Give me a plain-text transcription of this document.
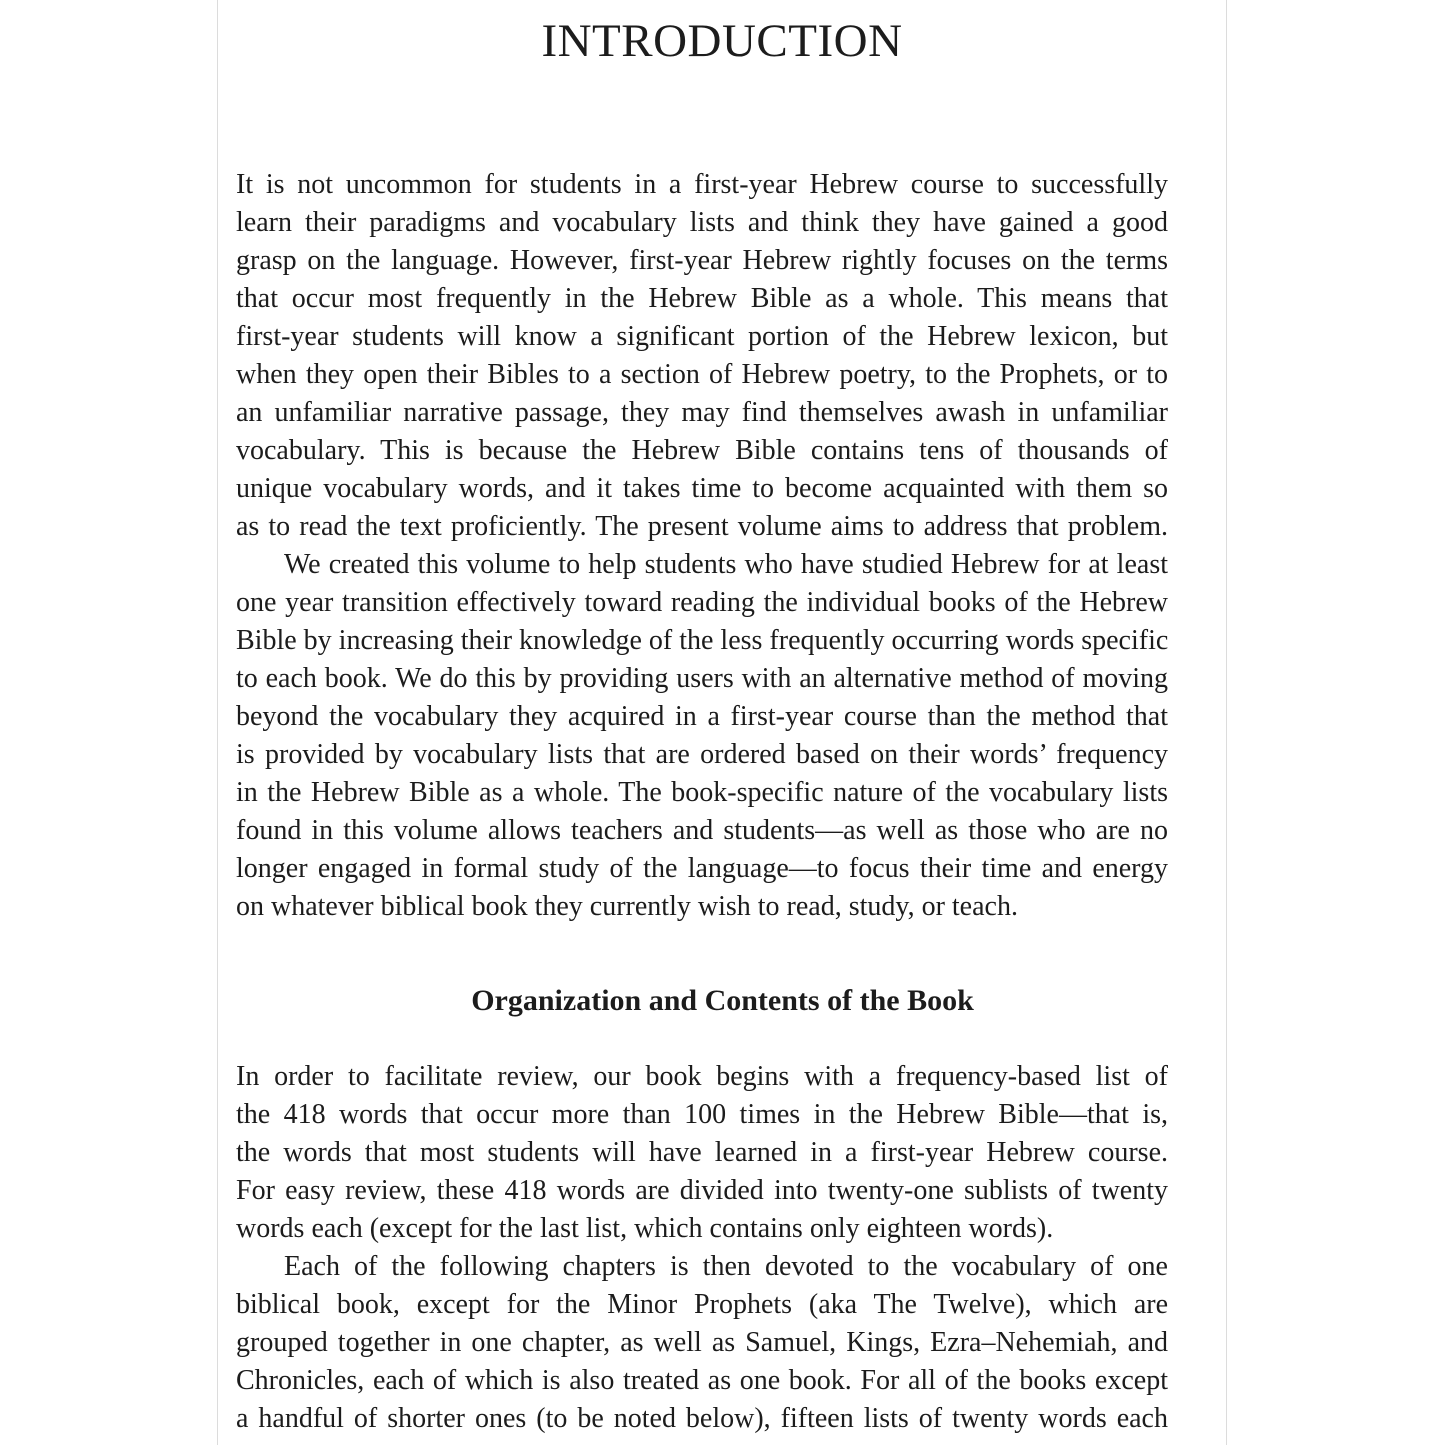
INTRODUCTION
It is not uncommon for students in a first-year Hebrew course to successfully
learn their paradigms and vocabulary lists and think they have gained a good
grasp on the language. However, first-year Hebrew rightly focuses on the terms
that occur most frequently in the Hebrew Bible as a whole. This means that
first-year students will know a significant portion of the Hebrew lexicon, but
when they open their Bibles to a section of Hebrew poetry, to the Prophets, or to
an unfamiliar narrative passage, they may find themselves awash in unfamiliar
vocabulary. This is because the Hebrew Bible contains tens of thousands of
unique vocabulary words, and it takes time to become acquainted with them so
as to read the text proficiently. The present volume aims to address that problem.
We created this volume to help students who have studied Hebrew for at least
one year transition effectively toward reading the individual books of the Hebrew
Bible by increasing their knowledge of the less frequently occurring words specific
to each book. We do this by providing users with an alternative method of moving
beyond the vocabulary they acquired in a first-year course than the method that
is provided by vocabulary lists that are ordered based on their words’ frequency
in the Hebrew Bible as a whole. The book-specific nature of the vocabulary lists
found in this volume allows teachers and students—as well as those who are no
longer engaged in formal study of the language—to focus their time and energy
on whatever biblical book they currently wish to read, study, or teach.
Organization and Contents of the Book
In order to facilitate review, our book begins with a frequency-based list of
the 418 words that occur more than 100 times in the Hebrew Bible—that is,
the words that most students will have learned in a first-year Hebrew course.
For easy review, these 418 words are divided into twenty-one sublists of twenty
words each (except for the last list, which contains only eighteen words).
Each of the following chapters is then devoted to the vocabulary of one
biblical book, except for the Minor Prophets (aka The Twelve), which are
grouped together in one chapter, as well as Samuel, Kings, Ezra–Nehemiah, and
Chronicles, each of which is also treated as one book. For all of the books except
a handful of shorter ones (to be noted below), fifteen lists of twenty words each
